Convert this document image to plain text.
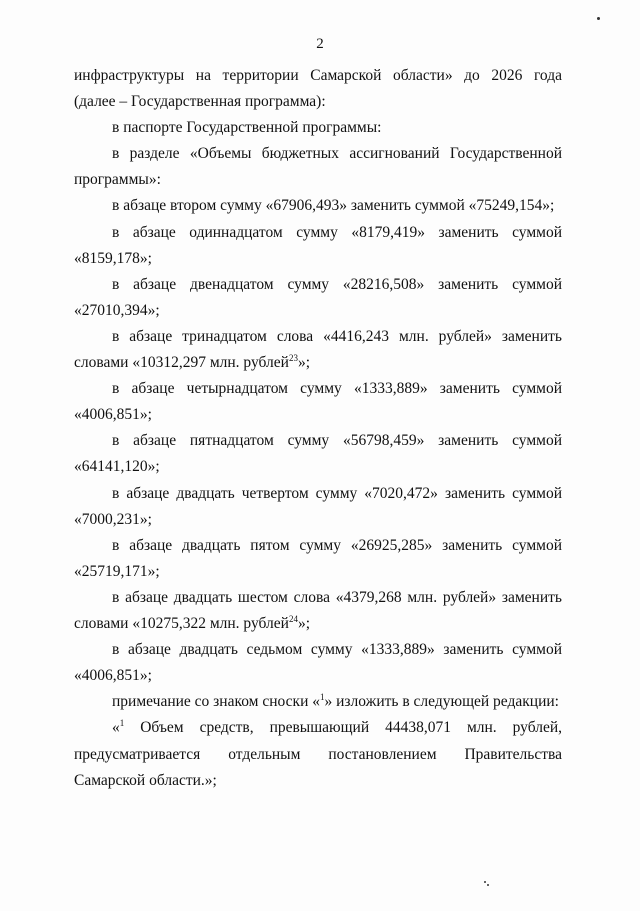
2
инфраструктуры на территории Самарской области» до 2026 года
(далее – Государственная программа):
в паспорте Государственной программы:
в разделе «Объемы бюджетных ассигнований Государственной
программы»:
в абзаце втором сумму «67906,493» заменить суммой «75249,154»;
в абзаце одиннадцатом сумму «8179,419» заменить суммой
«8159,178»;
в абзаце двенадцатом сумму «28216,508» заменить суммой
«27010,394»;
в абзаце тринадцатом слова «4416,243 млн. рублей» заменить
словами «10312,297 млн. рублей$^{23}$»;
в абзаце четырнадцатом сумму «1333,889» заменить суммой
«4006,851»;
в абзаце пятнадцатом сумму «56798,459» заменить суммой
«64141,120»;
в абзаце двадцать четвертом сумму «7020,472» заменить суммой
«7000,231»;
в абзаце двадцать пятом сумму «26925,285» заменить суммой
«25719,171»;
в абзаце двадцать шестом слова «4379,268 млн. рублей» заменить
словами «10275,322 млн. рублей$^{24}$»;
в абзаце двадцать седьмом сумму «1333,889» заменить суммой
«4006,851»;
примечание со знаком сноски «$^1$» изложить в следующей редакции:
«$^1$ Объем средств, превышающий 44438,071 млн. рублей,
предусматривается отдельным постановлением Правительства
Самарской области.»;
